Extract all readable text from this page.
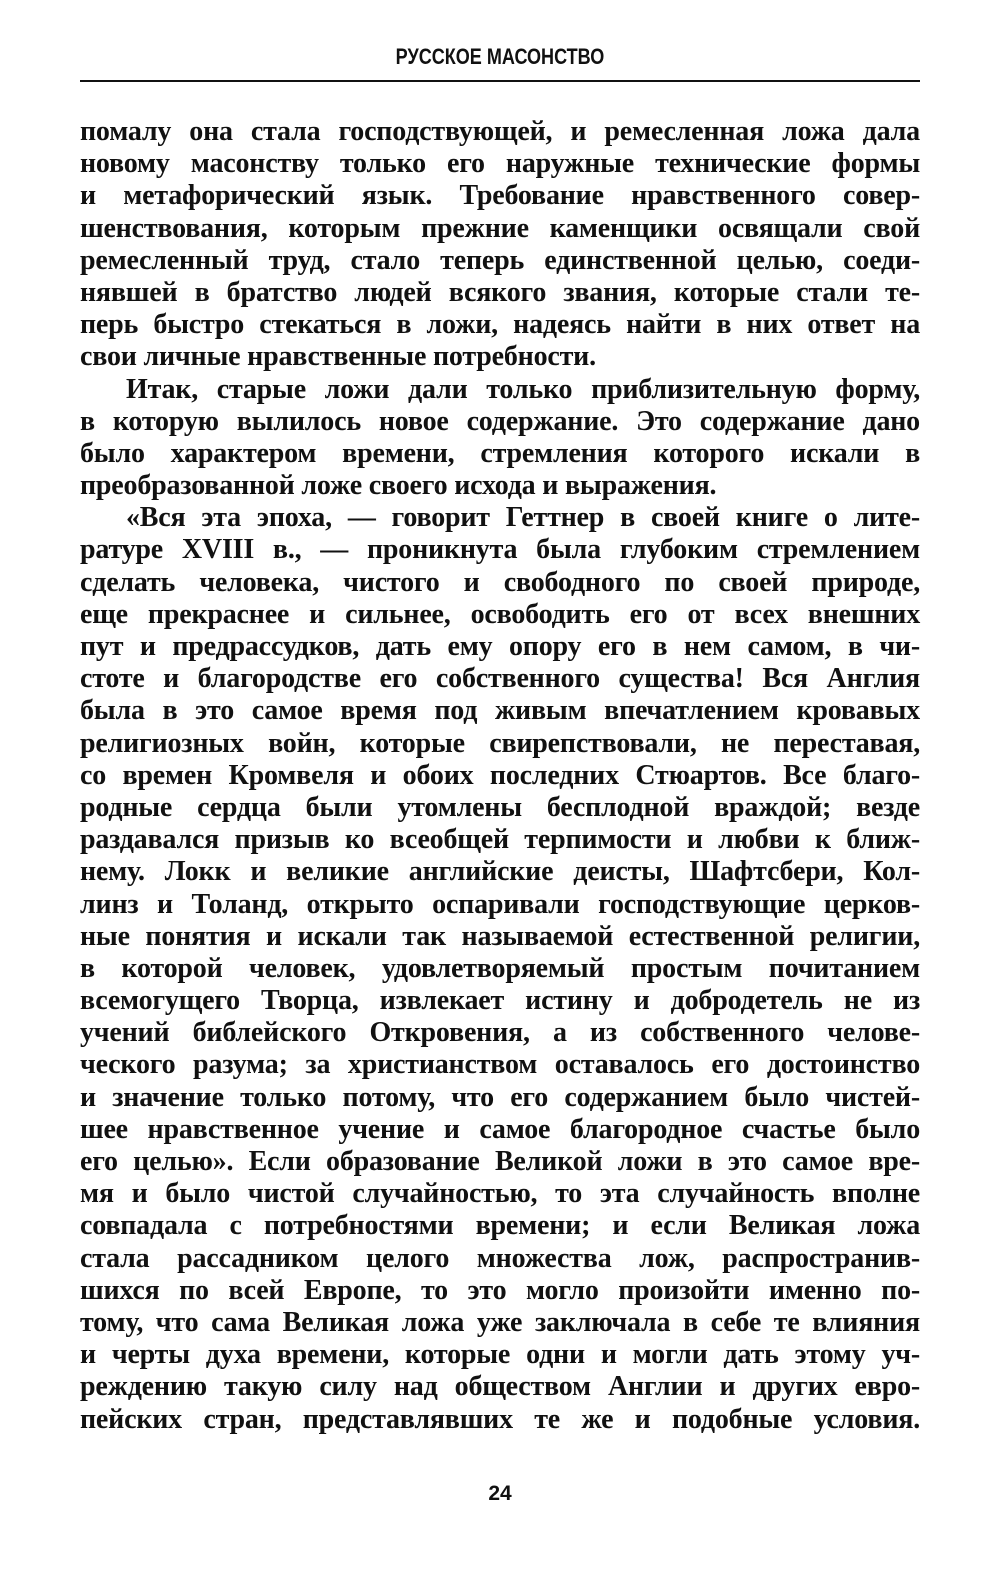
РУССКОЕ МАСОНСТВО
помалу она стала господствующей, и ремесленная ложа дала
новому масонству только его наружные технические формы
и метафорический язык. Требование нравственного совер-
шенствования, которым прежние каменщики освящали свой
ремесленный труд, стало теперь единственной целью, соеди-
нявшей в братство людей всякого звания, которые стали те-
перь быстро стекаться в ложи, надеясь найти в них ответ на
свои личные нравственные потребности.
Итак, старые ложи дали только приблизительную форму,
в которую вылилось новое содержание. Это содержание дано
было характером времени, стремления которого искали в
преобразованной ложе своего исхода и выражения.
«Вся эта эпоха, — говорит Геттнер в своей книге о лите-
ратуре XVIII в., — проникнута была глубоким стремлением
сделать человека, чистого и свободного по своей природе,
еще прекраснее и сильнее, освободить его от всех внешних
пут и предрассудков, дать ему опору его в нем самом, в чи-
стоте и благородстве его собственного существа! Вся Англия
была в это самое время под живым впечатлением кровавых
религиозных войн, которые свирепствовали, не переставая,
со времен Кромвеля и обоих последних Стюартов. Все благо-
родные сердца были утомлены бесплодной враждой; везде
раздавался призыв ко всеобщей терпимости и любви к ближ-
нему. Локк и великие английские деисты, Шафтсбери, Кол-
линз и Толанд, открыто оспаривали господствующие церков-
ные понятия и искали так называемой естественной религии,
в которой человек, удовлетворяемый простым почитанием
всемогущего Творца, извлекает истину и добродетель не из
учений библейского Откровения, а из собственного челове-
ческого разума; за христианством оставалось его достоинство
и значение только потому, что его содержанием было чистей-
шее нравственное учение и самое благородное счастье было
его целью». Если образование Великой ложи в это самое вре-
мя и было чистой случайностью, то эта случайность вполне
совпадала с потребностями времени; и если Великая ложа
стала рассадником целого множества лож, распространив-
шихся по всей Европе, то это могло произойти именно по-
тому, что сама Великая ложа уже заключала в себе те влияния
и черты духа времени, которые одни и могли дать этому уч-
реждению такую силу над обществом Англии и других евро-
пейских стран, представлявших те же и подобные условия.
24
